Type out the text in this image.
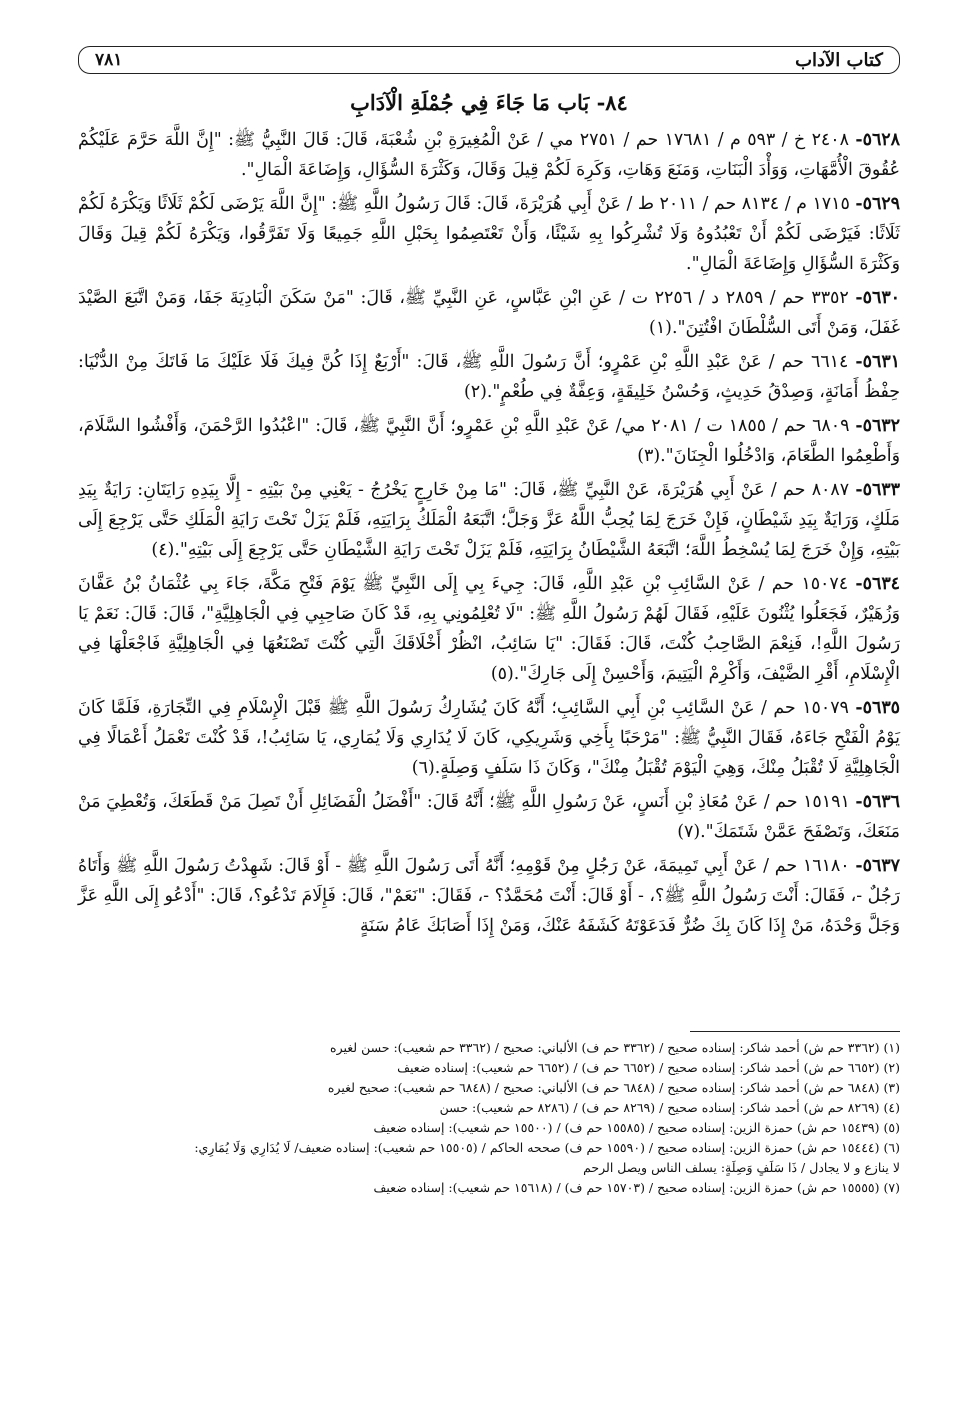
كتاب الآداب
٧٨١
٨٤- بَاب مَا جَاءَ فِي جُمْلَةِ الْآدَابِ
٥٦٢٨- ٢٤٠٨ خ / ٥٩٣ م / ١٧٦٨١ حم / ٢٧٥١ مي / عَنْ الْمُغِيرَةِ بْنِ شُعْبَةَ، قَالَ: قَالَ النَّبِيُّ ﷺ: "إِنَّ اللَّهَ حَرَّمَ عَلَيْكُمْ عُقُوقَ الْأُمَّهَاتِ، وَوَأْدَ الْبَنَاتِ، وَمَنَعَ وَهَاتِ، وَكَرِهَ لَكُمْ قِيلَ وَقَالَ، وَكَثْرَةَ السُّؤَالِ، وَإِضَاعَةَ الْمَالِ".
٥٦٢٩- ١٧١٥ م / ٨١٣٤ حم / ٢٠١١ ط / عَنْ أَبِي هُرَيْرَةَ، قَالَ: قَالَ رَسُولُ اللَّهِ ﷺ: "إِنَّ اللَّهَ يَرْضَى لَكُمْ ثَلَاثًا وَيَكْرَهُ لَكُمْ ثَلَاثًا: فَيَرْضَى لَكُمْ أَنْ تَعْبُدُوهُ وَلَا تُشْرِكُوا بِهِ شَيْئًا، وَأَنْ تَعْتَصِمُوا بِحَبْلِ اللَّهِ جَمِيعًا وَلَا تَفَرَّقُوا، وَيَكْرَهُ لَكُمْ قِيلَ وَقَالَ وَكَثْرَةَ السُّؤَالِ وَإِضَاعَةَ الْمَالِ".
٥٦٣٠- ٣٣٥٢ حم / ٢٨٥٩ د / ٢٢٥٦ ت / عَنِ ابْنِ عَبَّاسٍ، عَنِ النَّبِيِّ ﷺ، قَالَ: "مَنْ سَكَنَ الْبَادِيَةَ جَفَا، وَمَنْ اتَّبَعَ الصَّيْدَ غَفَلَ، وَمَنْ أَتَى السُّلْطَانَ افْتُتِنَ".(١)
٥٦٣١- ٦٦١٤ حم / عَنْ عَبْدِ اللَّهِ بْنِ عَمْرٍو؛ أَنَّ رَسُولَ اللَّهِ ﷺ، قَالَ: "أَرْبَعٌ إِذَا كُنَّ فِيكَ فَلَا عَلَيْكَ مَا فَاتَكَ مِنْ الدُّنْيَا: حِفْظُ أَمَانَةٍ، وَصِدْقُ حَدِيثٍ، وَحُسْنُ خَلِيقَةٍ، وَعِفَّةٌ فِي طُعْمٍ".(٢)
٥٦٣٢- ٦٨٠٩ حم / ١٨٥٥ ت / ٢٠٨١ مي/ عَنْ عَبْدِ اللَّهِ بْنِ عَمْرٍو؛ أَنَّ النَّبِيَّ ﷺ، قَالَ: "اعْبُدُوا الرَّحْمَنَ، وَأَفْشُوا السَّلَامَ، وَأَطْعِمُوا الطَّعَامَ، وَادْخُلُوا الْجِنَانَ".(٣)
٥٦٣٣- ٨٠٨٧ حم / عَنْ أَبِي هُرَيْرَةَ، عَنْ النَّبِيِّ ﷺ، قَالَ: "مَا مِنْ خَارِجٍ يَخْرُجُ - يَعْنِي مِنْ بَيْتِهِ - إِلَّا بِيَدِهِ رَايَتَانِ: رَايَةٌ بِيَدِ مَلَكٍ، وَرَايَةٌ بِيَدِ شَيْطَانٍ، فَإِنْ خَرَجَ لِمَا يُحِبُّ اللَّهُ عَزَّ وَجَلَّ؛ اتَّبَعَهُ الْمَلَكُ بِرَايَتِهِ، فَلَمْ يَزَلْ تَحْتَ رَايَةِ الْمَلَكِ حَتَّى يَرْجِعَ إِلَى بَيْتِهِ، وَإِنْ خَرَجَ لِمَا يُسْخِطُ اللَّهَ؛ اتَّبَعَهُ الشَّيْطَانُ بِرَايَتِهِ، فَلَمْ يَزَلْ تَحْتَ رَايَةِ الشَّيْطَانِ حَتَّى يَرْجِعَ إِلَى بَيْتِهِ".(٤)
٥٦٣٤- ١٥٠٧٤ حم / عَنْ السَّائِبِ بْنِ عَبْدِ اللَّهِ، قَالَ: جِيءَ بِي إِلَى النَّبِيِّ ﷺ يَوْمَ فَتْحِ مَكَّةَ، جَاءَ بِي عُثْمَانُ بْنُ عَفَّانَ وَزُهَيْرٌ، فَجَعَلُوا يُثْنُونَ عَلَيْهِ، فَقَالَ لَهُمْ رَسُولُ اللَّهِ ﷺ: "لَا تُعْلِمُونِي بِهِ، قَدْ كَانَ صَاحِبِي فِي الْجَاهِلِيَّةِ"، قَالَ: قَالَ: نَعَمْ يَا رَسُولَ اللَّهِ!، فَنِعْمَ الصَّاحِبُ كُنْتَ، قَالَ: فَقَالَ: "يَا سَائِبُ، انْظُرْ أَخْلَاقَكَ الَّتِي كُنْتَ تَصْنَعُهَا فِي الْجَاهِلِيَّةِ فَاجْعَلْهَا فِي الْإِسْلَامِ، أَقْرِ الضَّيْفَ، وَأَكْرِمْ الْيَتِيمَ، وَأَحْسِنْ إِلَى جَارِكَ".(٥)
٥٦٣٥- ١٥٠٧٩ حم / عَنْ السَّائِبِ بْنِ أَبِي السَّائِبِ؛ أَنَّهُ كَانَ يُشَارِكُ رَسُولَ اللَّهِ ﷺ قَبْلَ الْإِسْلَامِ فِي التِّجَارَةِ، فَلَمَّا كَانَ يَوْمُ الْفَتْحِ جَاءَهُ، فَقَالَ النَّبِيُّ ﷺ: "مَرْحَبًا بِأَخِي وَشَرِيكِي، كَانَ لَا يُدَارِي وَلَا يُمَارِي، يَا سَائِبُ!، قَدْ كُنْتَ تَعْمَلُ أَعْمَالًا فِي الْجَاهِلِيَّةِ لَا تُقْبَلُ مِنْكَ، وَهِيَ الْيَوْمَ تُقْبَلُ مِنْكَ"، وَكَانَ ذَا سَلَفٍ وَصِلَةٍ.(٦)
٥٦٣٦- ١٥١٩١ حم / عَنْ مُعَاذِ بْنِ أَنَسٍ، عَنْ رَسُولِ اللَّهِ ﷺ؛ أَنَّهُ قَالَ: "أَفْضَلُ الْفَضَائِلِ أَنْ تَصِلَ مَنْ قَطَعَكَ، وَتُعْطِيَ مَنْ مَنَعَكَ، وَتَصْفَحَ عَمَّنْ شَتَمَكَ".(٧)
٥٦٣٧- ١٦١٨٠ حم / عَنْ أَبِي تَمِيمَةَ، عَنْ رَجُلٍ مِنْ قَوْمِهِ؛ أَنَّهُ أَتَى رَسُولَ اللَّهِ ﷺ - أَوْ قَالَ: شَهِدْتُ رَسُولَ اللَّهِ ﷺ وَأَتَاهُ رَجُلٌ -، فَقَالَ: أَنْتَ رَسُولُ اللَّهِ ﷺ؟، - أَوْ قَالَ: أَنْتَ مُحَمَّدٌ؟ -، فَقَالَ: "نَعَمْ"، قَالَ: فَإِلَامَ تَدْعُو؟، قَالَ: "أَدْعُو إِلَى اللَّهِ عَزَّ وَجَلَّ وَحْدَهُ، مَنْ إِذَا كَانَ بِكَ ضُرٌّ فَدَعَوْتَهُ كَشَفَهُ عَنْكَ، وَمَنْ إِذَا أَصَابَكَ عَامُ سَنَةٍ
(١) (٣٣٦٢ حم ش) أحمد شاكر: إسناده صحيح / (٣٣٦٢ حم ف) الألباني: صحيح / (٣٣٦٢ حم شعيب): حسن لغيره
(٢) (٦٦٥٢ حم ش) أحمد شاكر: إسناده صحيح / (٦٦٥٢ حم ف) / (٦٦٥٢ حم شعيب): إسناده ضعيف
(٣) (٦٨٤٨ حم ش) أحمد شاكر: إسناده صحيح / (٦٨٤٨ حم ف) الألباني: صحيح / (٦٨٤٨ حم شعيب): صحيح لغيره
(٤) (٨٢٦٩ حم ش) أحمد شاكر: إسناده صحيح / (٨٢٦٩ حم ف) / (٨٢٨٦ حم شعيب): حسن
(٥) (١٥٤٣٩ حم ش) حمزة الزين: إسناده صحيح / (١٥٥٨٥ حم ف) / (١٥٥٠٠ حم شعيب): إسناده ضعيف
(٦) (١٥٤٤٤ حم ش) حمزة الزين: إسناده صحيح / (١٥٥٩٠ حم ف) صححه الحاكم / (١٥٥٠٥ حم شعيب): إسناده ضعيف/ لَا يُدَارِي وَلَا يُمَارِي:
لا ينازع و لا يجادل / ذَا سَلَفٍ وَصِلَةٍ: يسلف الناس ويصل الرحم
(٧) (١٥٥٥٥ حم ش) حمزة الزين: إسناده صحيح / (١٥٧٠٣ حم ف) / (١٥٦١٨ حم شعيب): إسناده ضعيف
